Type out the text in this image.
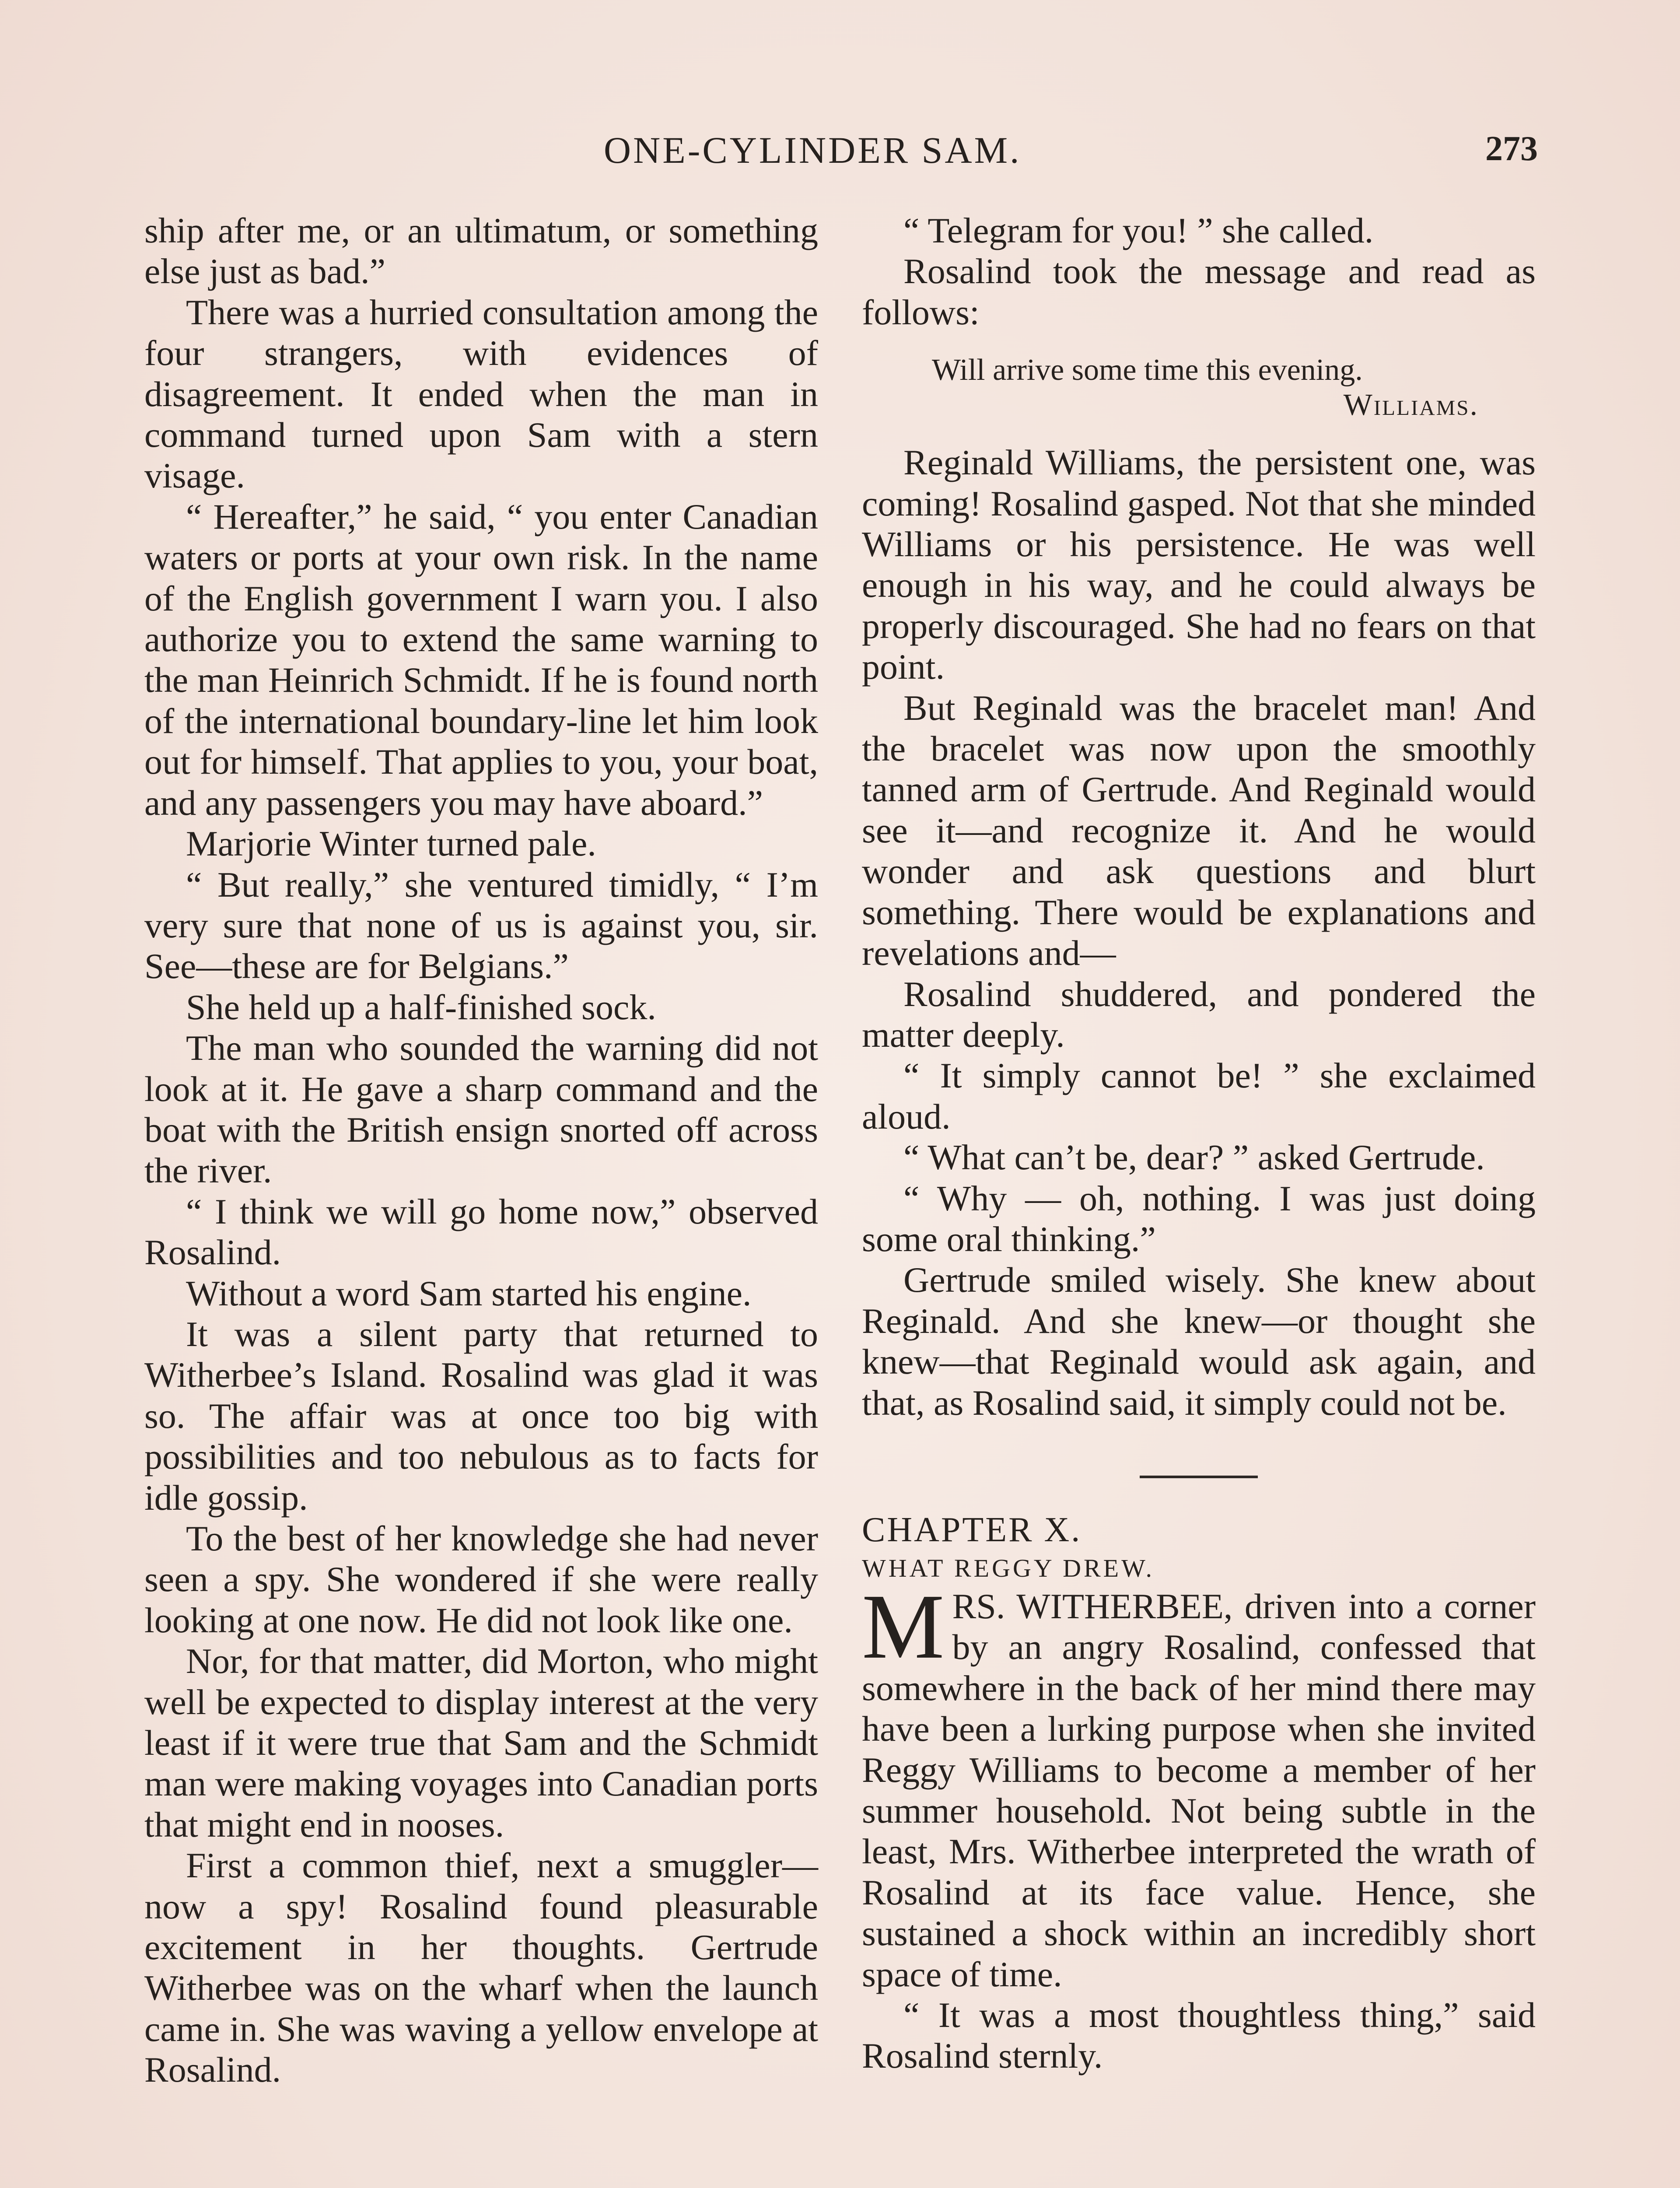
ONE-CYLINDER SAM.	273

ship after me, or an ultimatum, or something else just as bad.”

There was a hurried consultation among the four strangers, with evidences of disagreement. It ended when the man in command turned upon Sam with a stern visage.

“ Hereafter,” he said, “ you enter Canadian waters or ports at your own risk. In the name of the English government I warn you. I also authorize you to extend the same warning to the man Heinrich Schmidt. If he is found north of the international boundary-line let him look out for himself. That applies to you, your boat, and any passengers you may have aboard.”

Marjorie Winter turned pale.

“ But really,” she ventured timidly, “ I’m very sure that none of us is against you, sir. See—these are for Belgians.”

She held up a half-finished sock.

The man who sounded the warning did not look at it. He gave a sharp command and the boat with the British ensign snorted off across the river.

“ I think we will go home now,” observed Rosalind.

Without a word Sam started his engine.

It was a silent party that returned to Witherbee’s Island. Rosalind was glad it was so. The affair was at once too big with possibilities and too nebulous as to facts for idle gossip.

To the best of her knowledge she had never seen a spy. She wondered if she were really looking at one now. He did not look like one.

Nor, for that matter, did Morton, who might well be expected to display interest at the very least if it were true that Sam and the Schmidt man were making voyages into Canadian ports that might end in nooses.

First a common thief, next a smuggler—now a spy! Rosalind found pleasurable excitement in her thoughts. Gertrude Witherbee was on the wharf when the launch came in. She was waving a yellow envelope at Rosalind.

“ Telegram for you! ” she called.

Rosalind took the message and read as follows:

Will arrive some time this evening.
Williams.

Reginald Williams, the persistent one, was coming! Rosalind gasped. Not that she minded Williams or his persistence. He was well enough in his way, and he could always be properly discouraged. She had no fears on that point.

But Reginald was the bracelet man! And the bracelet was now upon the smoothly tanned arm of Gertrude. And Reginald would see it—and recognize it. And he would wonder and ask questions and blurt something. There would be explanations and revelations and—

Rosalind shuddered, and pondered the matter deeply.

“ It simply cannot be! ” she exclaimed aloud.

“ What can’t be, dear? ” asked Gertrude.

“ Why — oh, nothing. I was just doing some oral thinking.”

Gertrude smiled wisely. She knew about Reginald. And she knew—or thought she knew—that Reginald would ask again, and that, as Rosalind said, it simply could not be.

CHAPTER X.

WHAT REGGY DREW.

MRS. WITHERBEE, driven into a corner by an angry Rosalind, confessed that somewhere in the back of her mind there may have been a lurking purpose when she invited Reggy Williams to become a member of her summer household. Not being subtle in the least, Mrs. Witherbee interpreted the wrath of Rosalind at its face value. Hence, she sustained a shock within an incredibly short space of time.

“ It was a most thoughtless thing,” said Rosalind sternly.
